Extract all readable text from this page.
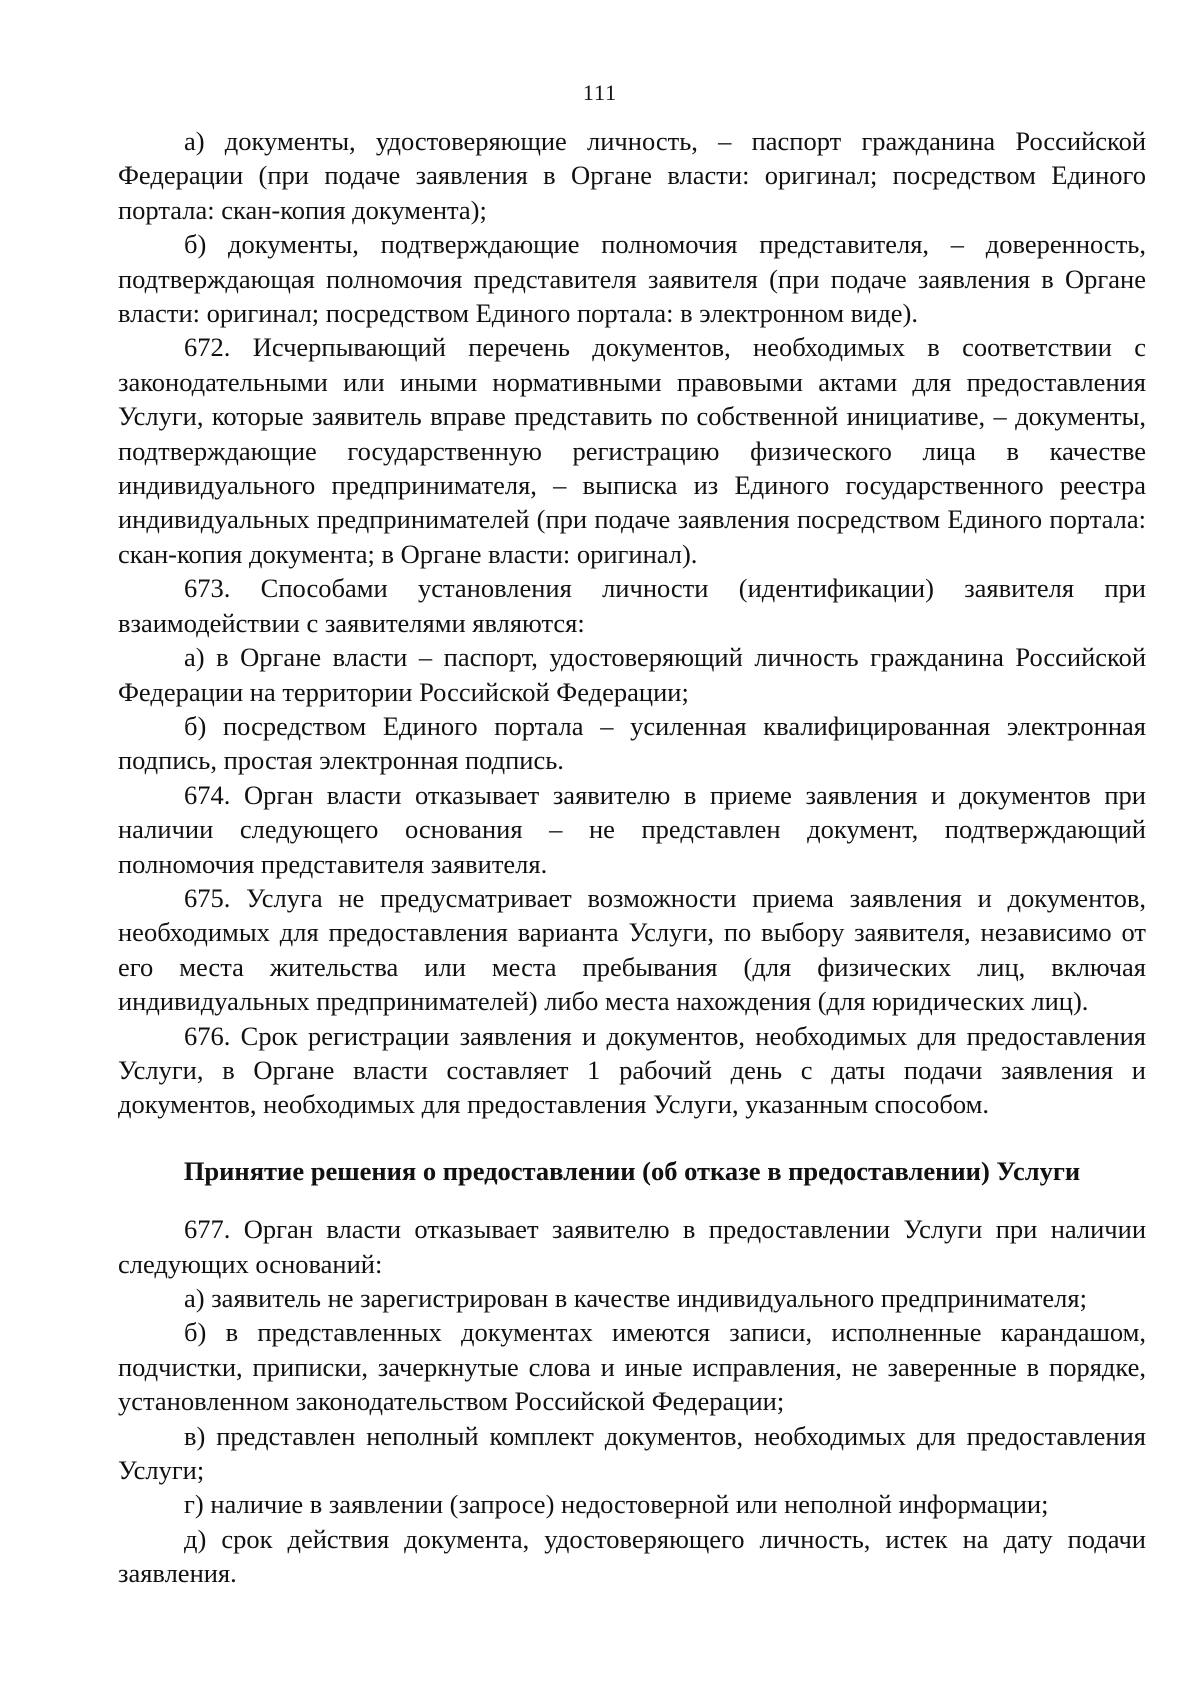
111

а) документы, удостоверяющие личность, – паспорт гражданина Российской Федерации (при подаче заявления в Органе власти: оригинал; посредством Единого портала: скан-копия документа);

б) документы, подтверждающие полномочия представителя, – доверенность, подтверждающая полномочия представителя заявителя (при подаче заявления в Органе власти: оригинал; посредством Единого портала: в электронном виде).

672. Исчерпывающий перечень документов, необходимых в соответствии с законодательными или иными нормативными правовыми актами для предоставления Услуги, которые заявитель вправе представить по собственной инициативе, – документы, подтверждающие государственную регистрацию физического лица в качестве индивидуального предпринимателя, – выписка из Единого государственного реестра индивидуальных предпринимателей (при подаче заявления посредством Единого портала: скан-копия документа; в Органе власти: оригинал).

673. Способами установления личности (идентификации) заявителя при взаимодействии с заявителями являются:

а) в Органе власти – паспорт, удостоверяющий личность гражданина Российской Федерации на территории Российской Федерации;

б) посредством Единого портала – усиленная квалифицированная электронная подпись, простая электронная подпись.

674. Орган власти отказывает заявителю в приеме заявления и документов при наличии следующего основания – не представлен документ, подтверждающий полномочия представителя заявителя.

675. Услуга не предусматривает возможности приема заявления и документов, необходимых для предоставления варианта Услуги, по выбору заявителя, независимо от его места жительства или места пребывания (для физических лиц, включая индивидуальных предпринимателей) либо места нахождения (для юридических лиц).

676. Срок регистрации заявления и документов, необходимых для предоставления Услуги, в Органе власти составляет 1 рабочий день с даты подачи заявления и документов, необходимых для предоставления Услуги, указанным способом.

Принятие решения о предоставлении (об отказе в предоставлении) Услуги

677. Орган власти отказывает заявителю в предоставлении Услуги при наличии следующих оснований:

а) заявитель не зарегистрирован в качестве индивидуального предпринимателя;

б) в представленных документах имеются записи, исполненные карандашом, подчистки, приписки, зачеркнутые слова и иные исправления, не заверенные в порядке, установленном законодательством Российской Федерации;

в) представлен неполный комплект документов, необходимых для предоставления Услуги;

г) наличие в заявлении (запросе) недостоверной или неполной информации;

д) срок действия документа, удостоверяющего личность, истек на дату подачи заявления.
